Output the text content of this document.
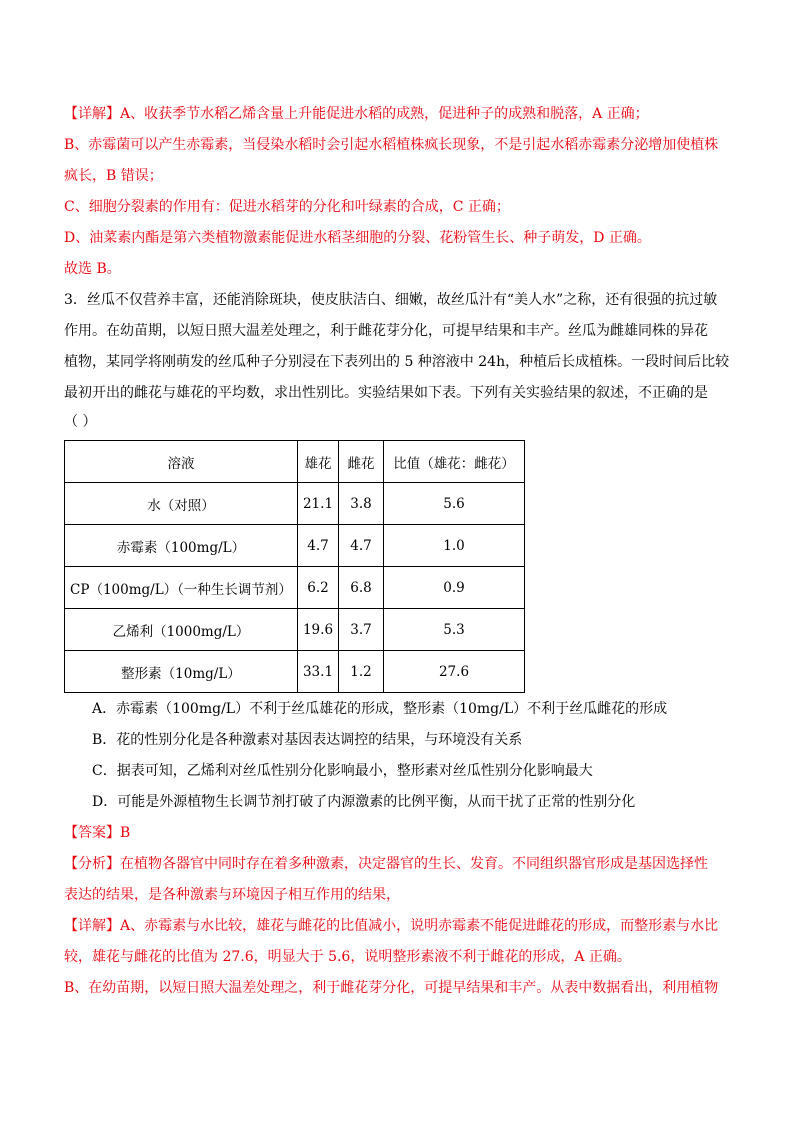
【详解】A、收获季节水稻乙烯含量上升能促进水稻的成熟，促进种子的成熟和脱落，A 正确；
B、赤霉菌可以产生赤霉素，当侵染水稻时会引起水稻植株疯长现象，不是引起水稻赤霉素分泌增加使植株
疯长，B 错误；
C、细胞分裂素的作用有：促进水稻芽的分化和叶绿素的合成，C 正确；
D、油菜素内酯是第六类植物激素能促进水稻茎细胞的分裂、花粉管生长、种子萌发，D 正确。
故选 B。
3．丝瓜不仅营养丰富，还能消除斑块，使皮肤洁白、细嫩，故丝瓜汁有“美人水”之称，还有很强的抗过敏
作用。在幼苗期，以短日照大温差处理之，利于雌花芽分化，可提早结果和丰产。丝瓜为雌雄同株的异花
植物，某同学将刚萌发的丝瓜种子分别浸在下表列出的 5 种溶液中 24h，种植后长成植株。一段时间后比较
最初开出的雌花与雄花的平均数，求出性别比。实验结果如下表。下列有关实验结果的叙述，不正确的是
（ ）
溶液	雄花	雌花	比值（雄花：雌花）
水（对照）	21.1	3.8	5.6
赤霉素（100mg/L）	4.7	4.7	1.0
CP（100mg/L）（一种生长调节剂）	6.2	6.8	0.9
乙烯利（1000mg/L）	19.6	3.7	5.3
整形素（10mg/L）	33.1	1.2	27.6
A．赤霉素（100mg/L）不利于丝瓜雄花的形成，整形素（10mg/L）不利于丝瓜雌花的形成
B．花的性别分化是各种激素对基因表达调控的结果，与环境没有关系
C．据表可知，乙烯利对丝瓜性别分化影响最小，整形素对丝瓜性别分化影响最大
D．可能是外源植物生长调节剂打破了内源激素的比例平衡，从而干扰了正常的性别分化
【答案】B
【分析】在植物各器官中同时存在着多种激素，决定器官的生长、发育。不同组织器官形成是基因选择性
表达的结果，是各种激素与环境因子相互作用的结果，
【详解】A、赤霉素与水比较，雄花与雌花的比值减小，说明赤霉素不能促进雌花的形成，而整形素与水比
较，雄花与雌花的比值为 27.6，明显大于 5.6，说明整形素液不利于雌花的形成，A 正确。
B、在幼苗期，以短日照大温差处理之，利于雌花芽分化，可提早结果和丰产。从表中数据看出，利用植物
